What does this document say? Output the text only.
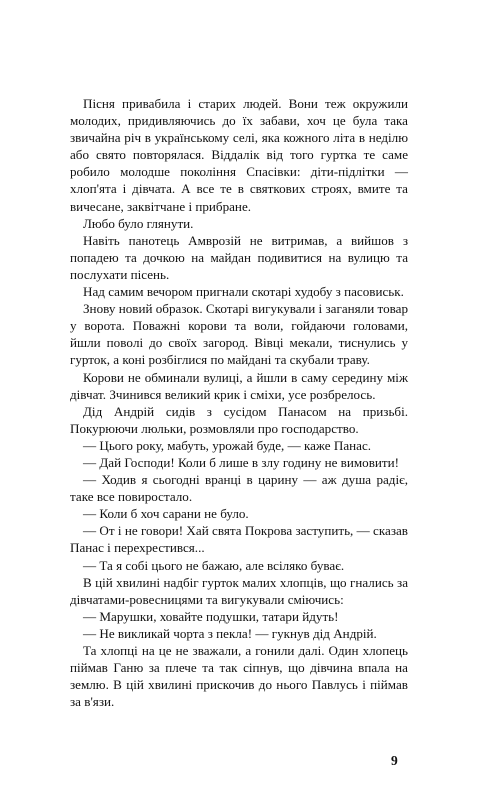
Пісня привабила і старих людей. Вони теж окружили молодих, придивляючись до їх забави, хоч це була така звичайна річ в українському селі, яка кожного літа в неділю або свято повторялася. Віддалік від того гуртка те саме робило молодше покоління Спасівки: діти-підлітки — хлоп'ята і дівчата. А все те в святкових строях, вмите та вичесане, заквітчане і прибране.

Любо було глянути.

Навіть панотець Амврозій не витримав, а вийшов з попадею та дочкою на майдан подивитися на вулицю та послухати пісень.

Над самим вечором пригнали скотарі худобу з пасовиськ.

Знову новий образок. Скотарі вигукували і заганяли товар у ворота. Поважні корови та воли, гойдаючи головами, йшли повoлі до своїх загород. Вівці мекали, тиснулись у гурток, а коні розбіглися по майдані та скубали траву.

Корови не обминали вулиці, а йшли в саму середину між дівчат. Зчинився великий крик і сміхи, усе розбрелось.

Дід Андрій сидів з сусідом Панасом на призьбі. Покурюючи люльки, розмовляли про господарство.

— Цього року, мабуть, урожай буде, — каже Панас.

— Дай Господи! Коли б лише в злу годину не вимовити!

— Ходив я сьогодні вранці в царину — аж душа радіє, таке все повиростало.

— Коли б хоч сарани не було.

— От і не говори! Хай свята Покрова заступить, — сказав Панас і перехрестився...

— Та я собі цього не бажаю, але всіляко буває.

В цій хвилині надбіг гурток малих хлопців, що гнались за дівчатами-ровесницями та вигукували сміючись:

— Марушки, ховайте подушки, татари йдуть!

— Не викликай чорта з пекла! — гукнув дід Андрій.

Та хлопці на це не зважали, а гонили далі. Один хлопець піймав Ганю за плече та так сіпнув, що дівчина впала на землю. В цій хвилині прискочив до нього Павлусь і піймав за в'язи.

9
